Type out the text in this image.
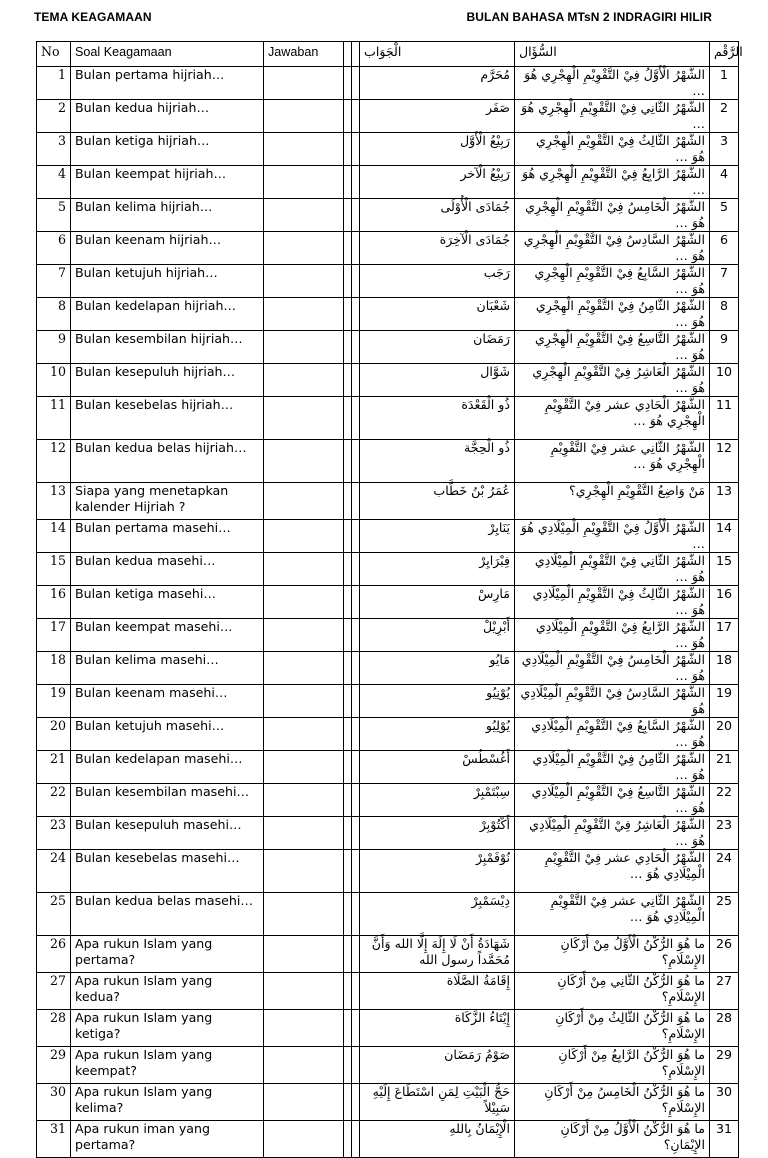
TEMA KEAGAMAAN	BULAN BAHASA MTsN 2 INDRAGIRI HILIR
No	Soal Keagamaan	Jawaban			الْجَوَاب	السُّؤَال	الرَّقْم
1	Bulan pertama hijriah…				مُحَرَّم	الشَّهْرُ الْأَوَّلُ فِيْ التَّقْوِيْمِ الْهِجْرِي هُوَ …	1
2	Bulan kedua hijriah…				صَفَر	الشَّهْرُ الثَّانِي فِيْ التَّقْوِيْمِ الْهِجْرِي هُوَ …	2
3	Bulan ketiga hijriah…				رَبِيْعُ الْأَوَّل	الشَّهْرُ الثَّالِثُ فِيْ التَّقْوِيْمِ الْهِجْرِي هُوَ …	3
4	Bulan keempat hijriah…				رَبِيْعُ الْآخر	الشَّهْرُ الرَّابِعُ فِيْ التَّقْوِيْمِ الْهِجْرِي هُوَ …	4
5	Bulan kelima hijriah…				جُمَادَى الْأُوْلَى	الشَّهْرُ الْخَامِسُ فِيْ التَّقْوِيْمِ الْهِجْرِي هُوَ …	5
6	Bulan keenam hijriah…				جُمَادَى الْآخِرَة	الشَّهْرُ السَّادِسُ فِيْ التَّقْوِيْمِ الْهِجْرِي هُوَ …	6
7	Bulan ketujuh hijriah…				رَجَب	الشَّهْرُ السَّابِعُ فِيْ التَّقْوِيْمِ الْهِجْرِي هُوَ …	7
8	Bulan kedelapan hijriah…				شَعْبَان	الشَّهْرُ الثَّامِنُ فِيْ التَّقْوِيْمِ الْهِجْرِي هُوَ …	8
9	Bulan kesembilan hijriah…				رَمَضَان	الشَّهْرُ التَّاسِعُ فِيْ التَّقْوِيْمِ الْهِجْرِي هُوَ …	9
10	Bulan kesepuluh hijriah…				شَوَّال	الشَّهْرُ الْعَاشِرُ فِيْ التَّقْوِيْمِ الْهِجْرِي هُوَ …	10
11	Bulan kesebelas hijriah…				ذُو الْقَعْدَة	الشَّهْرُ الْحَادِي عشر فِيْ التَّقْوِيْمِ الْهِجْرِي هُوَ …	11
12	Bulan kedua belas hijriah…				ذُو الْحِجَّة	الشَّهْرُ الثَّانِي عشر فِيْ التَّقْوِيْمِ الْهِجْرِي هُوَ …	12
13	Siapa yang menetapkan kalender Hijriah ?				عُمَرُ بْنُ خَطَّاب	مَنْ وَاضِعُ التَّقْوِيْمِ الْهِجْرِي؟	13
14	Bulan pertama masehi…				يَنَايِرْ	الشَّهْرُ الْأَوَّلُ فِيْ التَّقْوِيْمِ الْمِيْلَادِي هُوَ …	14
15	Bulan kedua masehi…				فِبْرَايِرْ	الشَّهْرُ الثَّانِي فِيْ التَّقْوِيْمِ الْمِيْلَادِي هُوَ …	15
16	Bulan ketiga masehi…				مَارِسْ	الشَّهْرُ الثَّالِثُ فِيْ التَّقْوِيْمِ الْمِيْلَادِي هُوَ …	16
17	Bulan keempat masehi…				أَبْرِيْلْ	الشَّهْرُ الرَّابِعُ فِيْ التَّقْوِيْمِ الْمِيْلَادِي هُوَ …	17
18	Bulan kelima masehi…				مَايُو	الشَّهْرُ الْخَامِسُ فِيْ التَّقْوِيْمِ الْمِيْلَادِي هُوَ …	18
19	Bulan keenam masehi…				يُوْنِيُو	الشَّهْرُ السَّادِسُ فِيْ التَّقْوِيْمِ الْمِيْلَادِي هُوَ	19
20	Bulan ketujuh masehi…				يُوْلِيُو	الشَّهْرُ السَّابِعُ فِيْ التَّقْوِيْمِ الْمِيْلَادِي هُوَ …	20
21	Bulan kedelapan masehi…				أَغُسْطُسْ	الشَّهْرُ الثَّامِنُ فِيْ التَّقْوِيْمِ الْمِيْلَادِي هُوَ …	21
22	Bulan kesembilan masehi…				سِبْتَمْبِرْ	الشَّهْرُ التَّاسِعُ فِيْ التَّقْوِيْمِ الْمِيْلَادِي هُوَ …	22
23	Bulan kesepuluh masehi…				أَكْتُوْبِرْ	الشَّهْرُ الْعَاشِرُ فِيْ التَّقْوِيْمِ الْمِيْلَادِي هُوَ …	23
24	Bulan kesebelas masehi…				نُوْفَمْبِرْ	الشَّهْرُ الْحَادِي عشر فِيْ التَّقْوِيْمِ الْمِيْلَادِي هُوَ …	24
25	Bulan kedua belas masehi…				دِيْسَمْبِرْ	الشَّهْرُ الثَّانِي عشر فِيْ التَّقْوِيْمِ الْمِيْلَادِي هُوَ …	25
26	Apa rukun Islam yang pertama?				شَهَادَةُ أَنْ لَا إِلَهَ إِلَّا الله وَأَنَّ مُحَمَّداً رسول الله	ما هُوَ الرُّكْنُ الْأَوَّلُ مِنْ أَرْكَانِ الإِسْلَامِ؟	26
27	Apa rukun Islam yang kedua?				إِقَامَةُ الصَّلَاة	ما هُوَ الرُّكْنُ الثَّانِي مِنْ أَرْكَانِ الإِسْلَامِ؟	27
28	Apa rukun Islam yang ketiga?				إِيْتَاءُ الزَّكَاة	ما هُوَ الرُّكْنُ الثَّالِثُ مِنْ أَرْكَانِ الإِسْلَامِ؟	28
29	Apa rukun Islam yang keempat?				صَوْمُ رَمَضَان	ما هُوَ الرُّكْنُ الرَّابِعُ مِنْ أَرْكَانِ الإِسْلَامِ؟	29
30	Apa rukun Islam yang kelima?				حَجُّ الْبَيْتِ لِمَنِ اسْتَطَاعَ إِلَيْهِ سَبِيْلاً	ما هُوَ الرُّكْنُ الْخَامِسُ مِنْ أَرْكَانِ الإِسْلَامِ؟	30
31	Apa rukun iman yang pertama?				الْإِيْمَانُ بِاللهِ	ما هُوَ الرُّكْنُ الْأَوَّلُ مِنْ أَرْكَانِ الإِيْمَانِ؟	31
